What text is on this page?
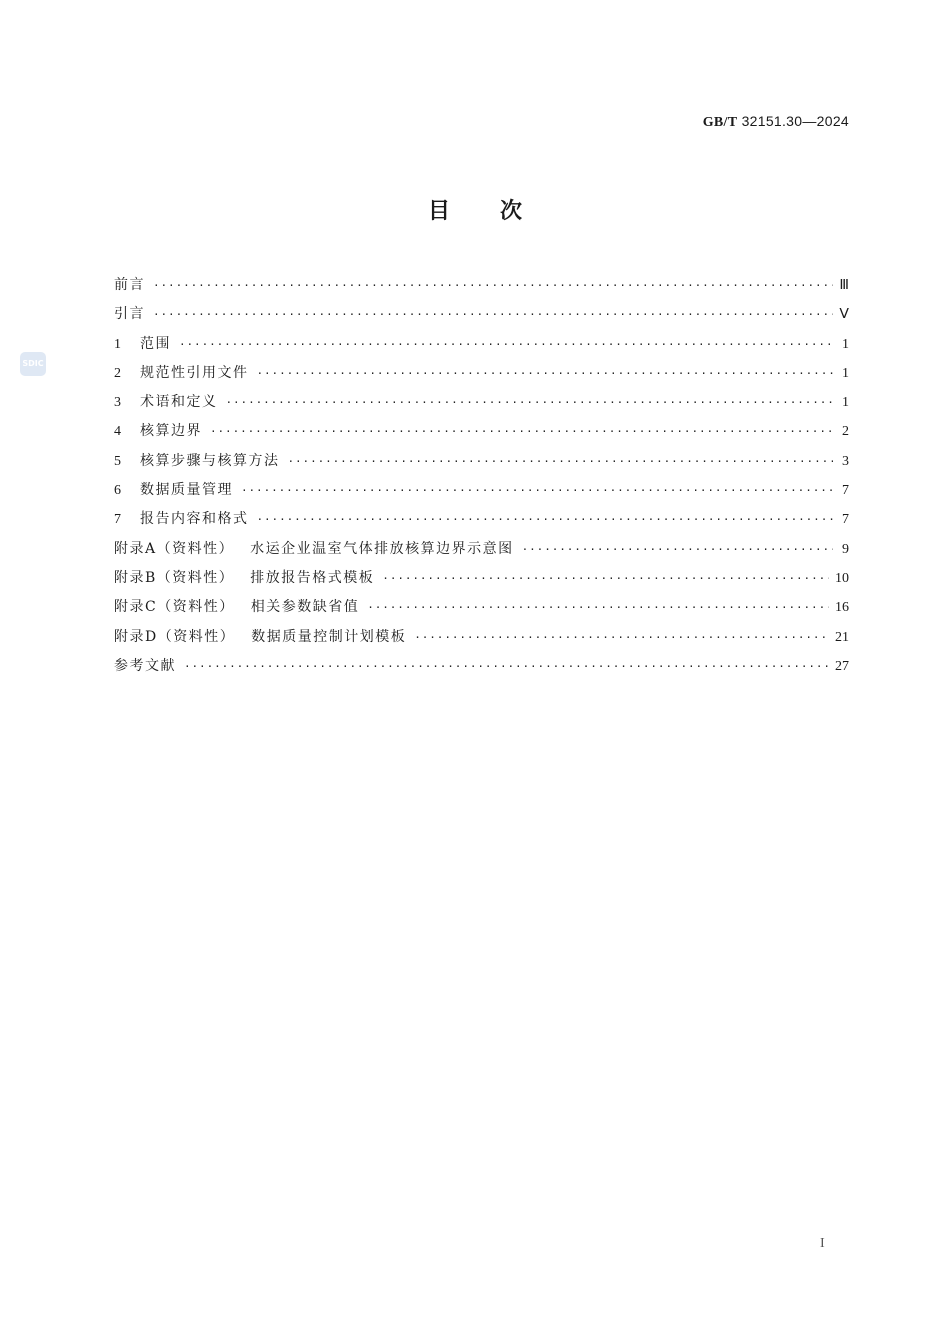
GB/T 32151.30—2024
目次
SDIC
前言 ·····	Ⅲ
引言 ·····	Ⅴ
1	范围 ·····	1
2	规范性引用文件 ·····	1
3	术语和定义 ·····	1
4	核算边界 ·····	2
5	核算步骤与核算方法 ·····	3
6	数据质量管理 ·····	7
7	报告内容和格式 ·····	7
附录A（资料性） 水运企业温室气体排放核算边界示意图 ·····	9
附录B（资料性） 排放报告格式模板 ·····	10
附录C（资料性） 相关参数缺省值 ·····	16
附录D（资料性） 数据质量控制计划模板 ·····	21
参考文献 ·····	27
I
